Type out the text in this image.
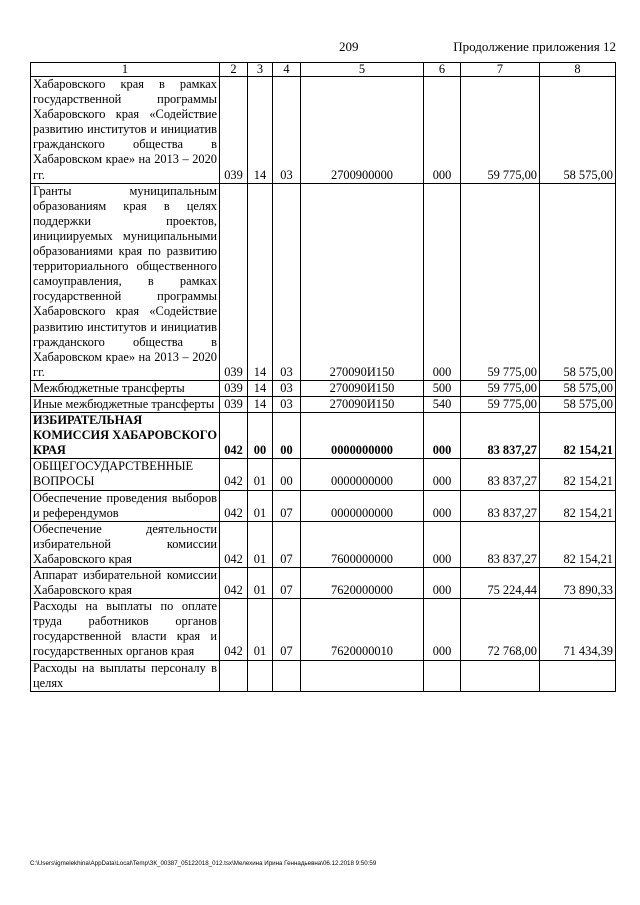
209	Продолжение приложения 12
1	2	3	4	5	6	7	8
Хабаровского края в рамках государственной программы Хабаровского края «Содействие развитию институтов и инициатив гражданского общества в Хабаровском крае» на 2013 – 2020 гг.	039	14	03	2700900000	000	59 775,00	58 575,00
Гранты муниципальным образованиям края в целях поддержки проектов, инициируемых муниципальными образованиями края по развитию территориального общественного самоуправления, в рамках государственной программы Хабаровского края «Содействие развитию институтов и инициатив гражданского общества в Хабаровском крае» на 2013 – 2020 гг.	039	14	03	270090И150	000	59 775,00	58 575,00
Межбюджетные трансферты	039	14	03	270090И150	500	59 775,00	58 575,00
Иные межбюджетные трансферты	039	14	03	270090И150	540	59 775,00	58 575,00
ИЗБИРАТЕЛЬНАЯ КОМИССИЯ ХАБАРОВСКОГО КРАЯ	042	00	00	0000000000	000	83 837,27	82 154,21
ОБЩЕГОСУДАРСТВЕННЫЕ ВОПРОСЫ	042	01	00	0000000000	000	83 837,27	82 154,21
Обеспечение проведения выборов и референдумов	042	01	07	0000000000	000	83 837,27	82 154,21
Обеспечение деятельности избирательной комиссии Хабаровского края	042	01	07	7600000000	000	83 837,27	82 154,21
Аппарат избирательной комиссии Хабаровского края	042	01	07	7620000000	000	75 224,44	73 890,33
Расходы на выплаты по оплате труда работников органов государственной власти края и государственных органов края	042	01	07	7620000010	000	72 768,00	71 434,39
Расходы на выплаты персоналу в целях							
C:\Users\igmelekhina\AppData\Local\Temp\ЗК_00387_05122018_012.tsx\Мелехина Ирина Геннадьевна\06.12.2018 9:50:59
